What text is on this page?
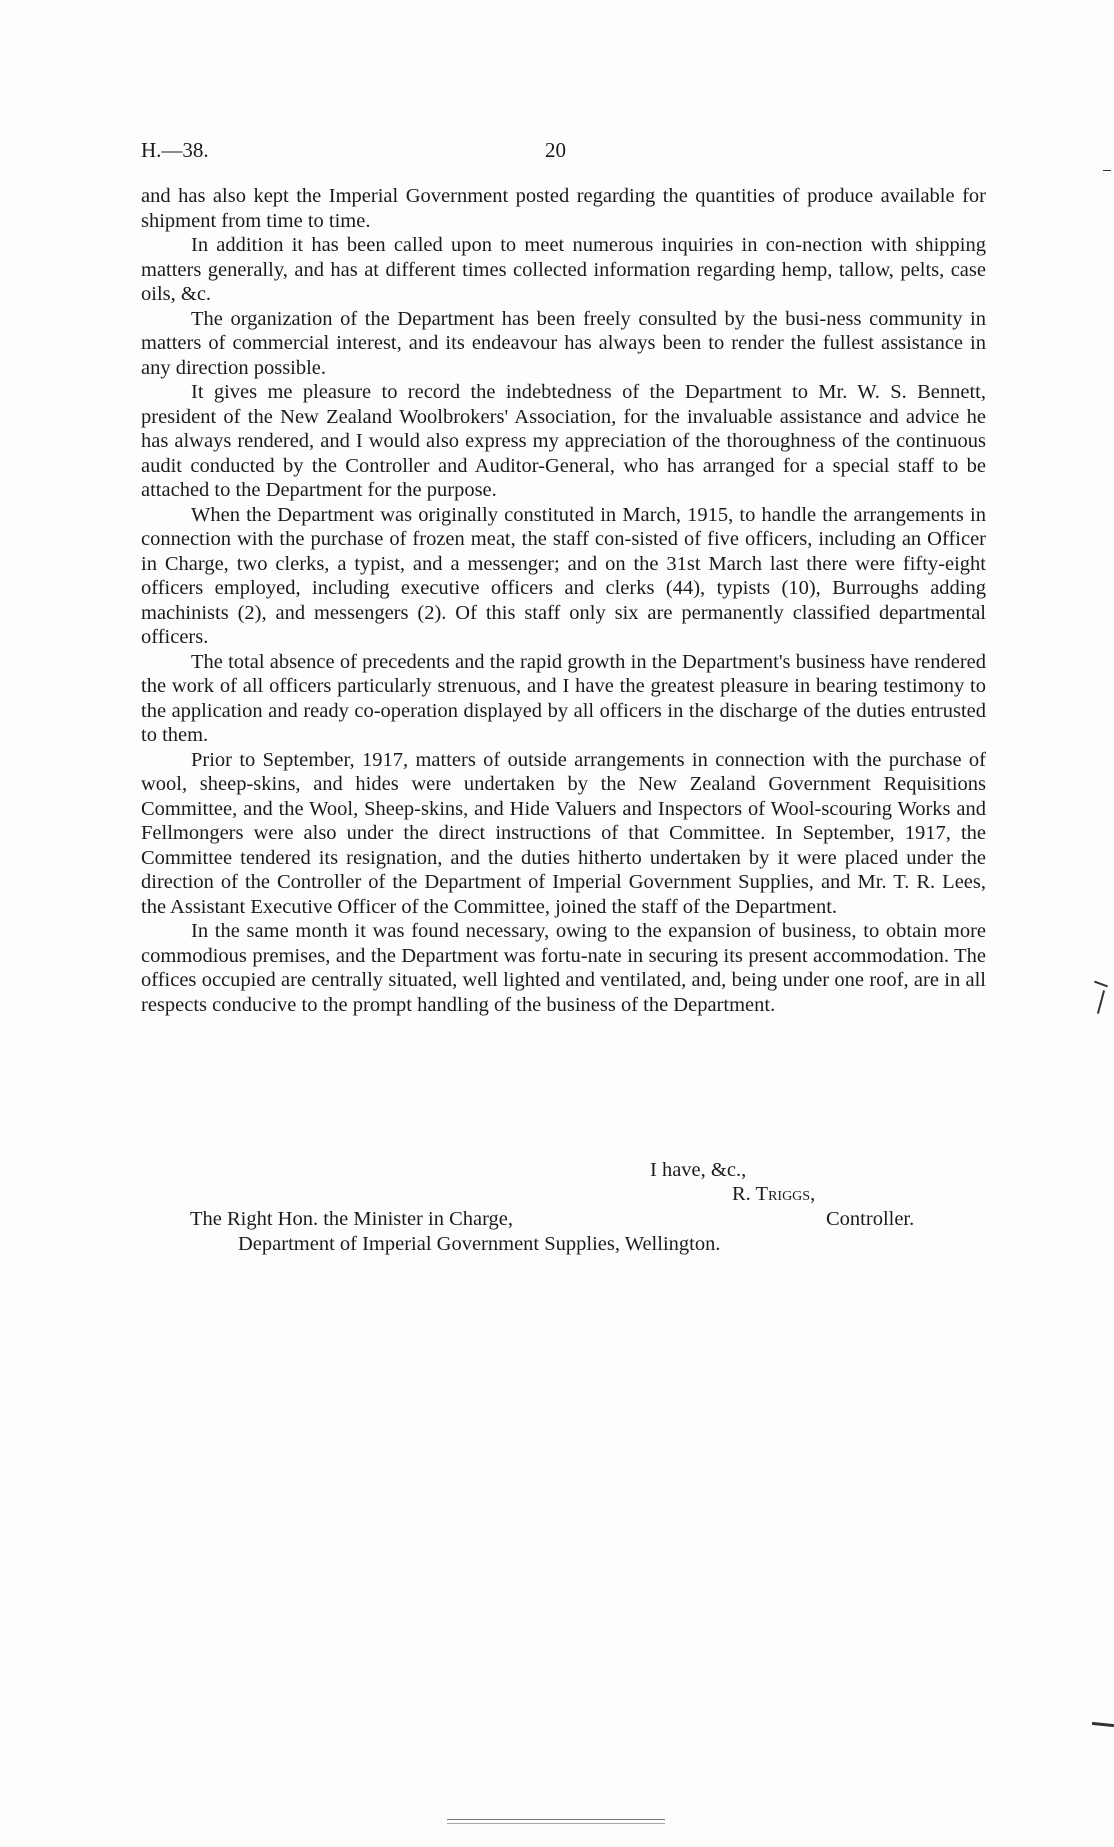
H.—38.	20

and has also kept the Imperial Government posted regarding the quantities of produce available for shipment from time to time.

In addition it has been called upon to meet numerous inquiries in con-nection with shipping matters generally, and has at different times collected information regarding hemp, tallow, pelts, case oils, &c.

The organization of the Department has been freely consulted by the busi-ness community in matters of commercial interest, and its endeavour has always been to render the fullest assistance in any direction possible.

It gives me pleasure to record the indebtedness of the Department to Mr. W. S. Bennett, president of the New Zealand Woolbrokers' Association, for the invaluable assistance and advice he has always rendered, and I would also express my appreciation of the thoroughness of the continuous audit conducted by the Controller and Auditor-General, who has arranged for a special staff to be attached to the Department for the purpose.

When the Department was originally constituted in March, 1915, to handle the arrangements in connection with the purchase of frozen meat, the staff con-sisted of five officers, including an Officer in Charge, two clerks, a typist, and a messenger; and on the 31st March last there were fifty-eight officers employed, including executive officers and clerks (44), typists (10), Burroughs adding machinists (2), and messengers (2). Of this staff only six are permanently classified departmental officers.

The total absence of precedents and the rapid growth in the Department's business have rendered the work of all officers particularly strenuous, and I have the greatest pleasure in bearing testimony to the application and ready co-operation displayed by all officers in the discharge of the duties entrusted to them.

Prior to September, 1917, matters of outside arrangements in connection with the purchase of wool, sheep-skins, and hides were undertaken by the New Zealand Government Requisitions Committee, and the Wool, Sheep-skins, and Hide Valuers and Inspectors of Wool-scouring Works and Fellmongers were also under the direct instructions of that Committee. In September, 1917, the Committee tendered its resignation, and the duties hitherto undertaken by it were placed under the direction of the Controller of the Department of Imperial Government Supplies, and Mr. T. R. Lees, the Assistant Executive Officer of the Committee, joined the staff of the Department.

In the same month it was found necessary, owing to the expansion of business, to obtain more commodious premises, and the Department was fortu-nate in securing its present accommodation. The offices occupied are centrally situated, well lighted and ventilated, and, being under one roof, are in all respects conducive to the prompt handling of the business of the Department.

I have, &c.,
R. Triggs,
The Right Hon. the Minister in Charge,	Controller.
Department of Imperial Government Supplies, Wellington.
